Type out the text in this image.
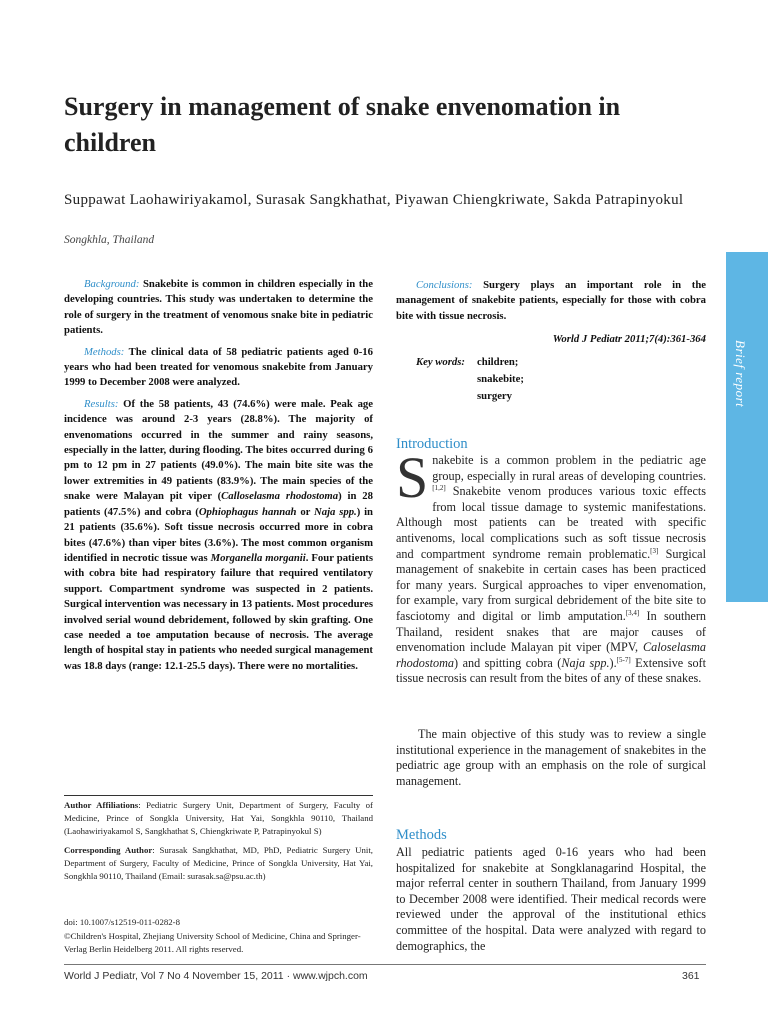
Surgery in management of snake envenomation in children
Suppawat Laohawiriyakamol, Surasak Sangkhathat, Piyawan Chiengkriwate, Sakda Patrapinyokul
Songkhla, Thailand

Background: Snakebite is common in children especially in the developing countries. This study was undertaken to determine the role of surgery in the treatment of venomous snake bite in pediatric patients.

Methods: The clinical data of 58 pediatric patients aged 0-16 years who had been treated for venomous snakebite from January 1999 to December 2008 were analyzed.

Results: Of the 58 patients, 43 (74.6%) were male. Peak age incidence was around 2-3 years (28.8%). The majority of envenomations occurred in the summer and rainy seasons, especially in the latter, during flooding. The bites occurred during 6 pm to 12 pm in 27 patients (49.0%). The main bite site was the lower extremities in 49 patients (83.9%). The main species of the snake were Malayan pit viper (Calloselasma rhodostoma) in 28 patients (47.5%) and cobra (Ophiophagus hannah or Naja spp.) in 21 patients (35.6%). Soft tissue necrosis occurred more in cobra bites (47.6%) than viper bites (3.6%). The most common organism identified in necrotic tissue was Morganella morganii. Four patients with cobra bite had respiratory failure that required ventilatory support. Compartment syndrome was suspected in 2 patients. Surgical intervention was necessary in 13 patients. Most procedures involved serial wound debridement, followed by skin grafting. One case needed a toe amputation because of necrosis. The average length of hospital stay in patients who needed surgical management was 18.8 days (range: 12.1-25.5 days). There were no mortalities.

Conclusions: Surgery plays an important role in the management of snakebite patients, especially for those with cobra bite with tissue necrosis.

World J Pediatr 2011;7(4):361-364
Key words: children;
snakebite;
surgery	Brief report
Introduction
Snakebite is a common problem in the pediatric age group, especially in rural areas of developing countries.[1,2] Snakebite venom produces various toxic effects from local tissue damage to systemic manifestations. Although most patients can be treated with specific antivenoms, local complications such as soft tissue necrosis and compartment syndrome remain problematic.[3] Surgical management of snakebite in certain cases has been practiced for many years. Surgical approaches to viper envenomation, for example, vary from surgical debridement of the bite site to fasciotomy and digital or limb amputation.[3,4] In southern Thailand, resident snakes that are major causes of envenomation include Malayan pit viper (MPV, Caloselasma rhodostoma) and spitting cobra (Naja spp.).[5-7] Extensive soft tissue necrosis can result from the bites of any of these snakes.
The main objective of this study was to review a single institutional experience in the management of snakebites in the pediatric age group with an emphasis on the role of surgical management.
Methods
All pediatric patients aged 0-16 years who had been hospitalized for snakebite at Songklanagarind Hospital, the major referral center in southern Thailand, from January 1999 to December 2008 were identified. Their medical records were reviewed under the approval of the institutional ethics committee of the hospital. Data were analyzed with regard to demographics, the

Author Affiliations: Pediatric Surgery Unit, Department of Surgery, Faculty of Medicine, Prince of Songkla University, Hat Yai, Songkhla 90110, Thailand (Laohawiriyakamol S, Sangkhathat S, Chiengkriwate P, Patrapinyokul S)

Corresponding Author: Surasak Sangkhathat, MD, PhD, Pediatric Surgery Unit, Department of Surgery, Faculty of Medicine, Prince of Songkla University, Hat Yai, Songkhla 90110, Thailand (Email: surasak.sa@psu.ac.th)

doi: 10.1007/s12519-011-0282-8
©Children's Hospital, Zhejiang University School of Medicine, China and Springer-Verlag Berlin Heidelberg 2011. All rights reserved.
World J Pediatr, Vol 7 No 4 November 15, 2011 · www.wjpch.com	361
